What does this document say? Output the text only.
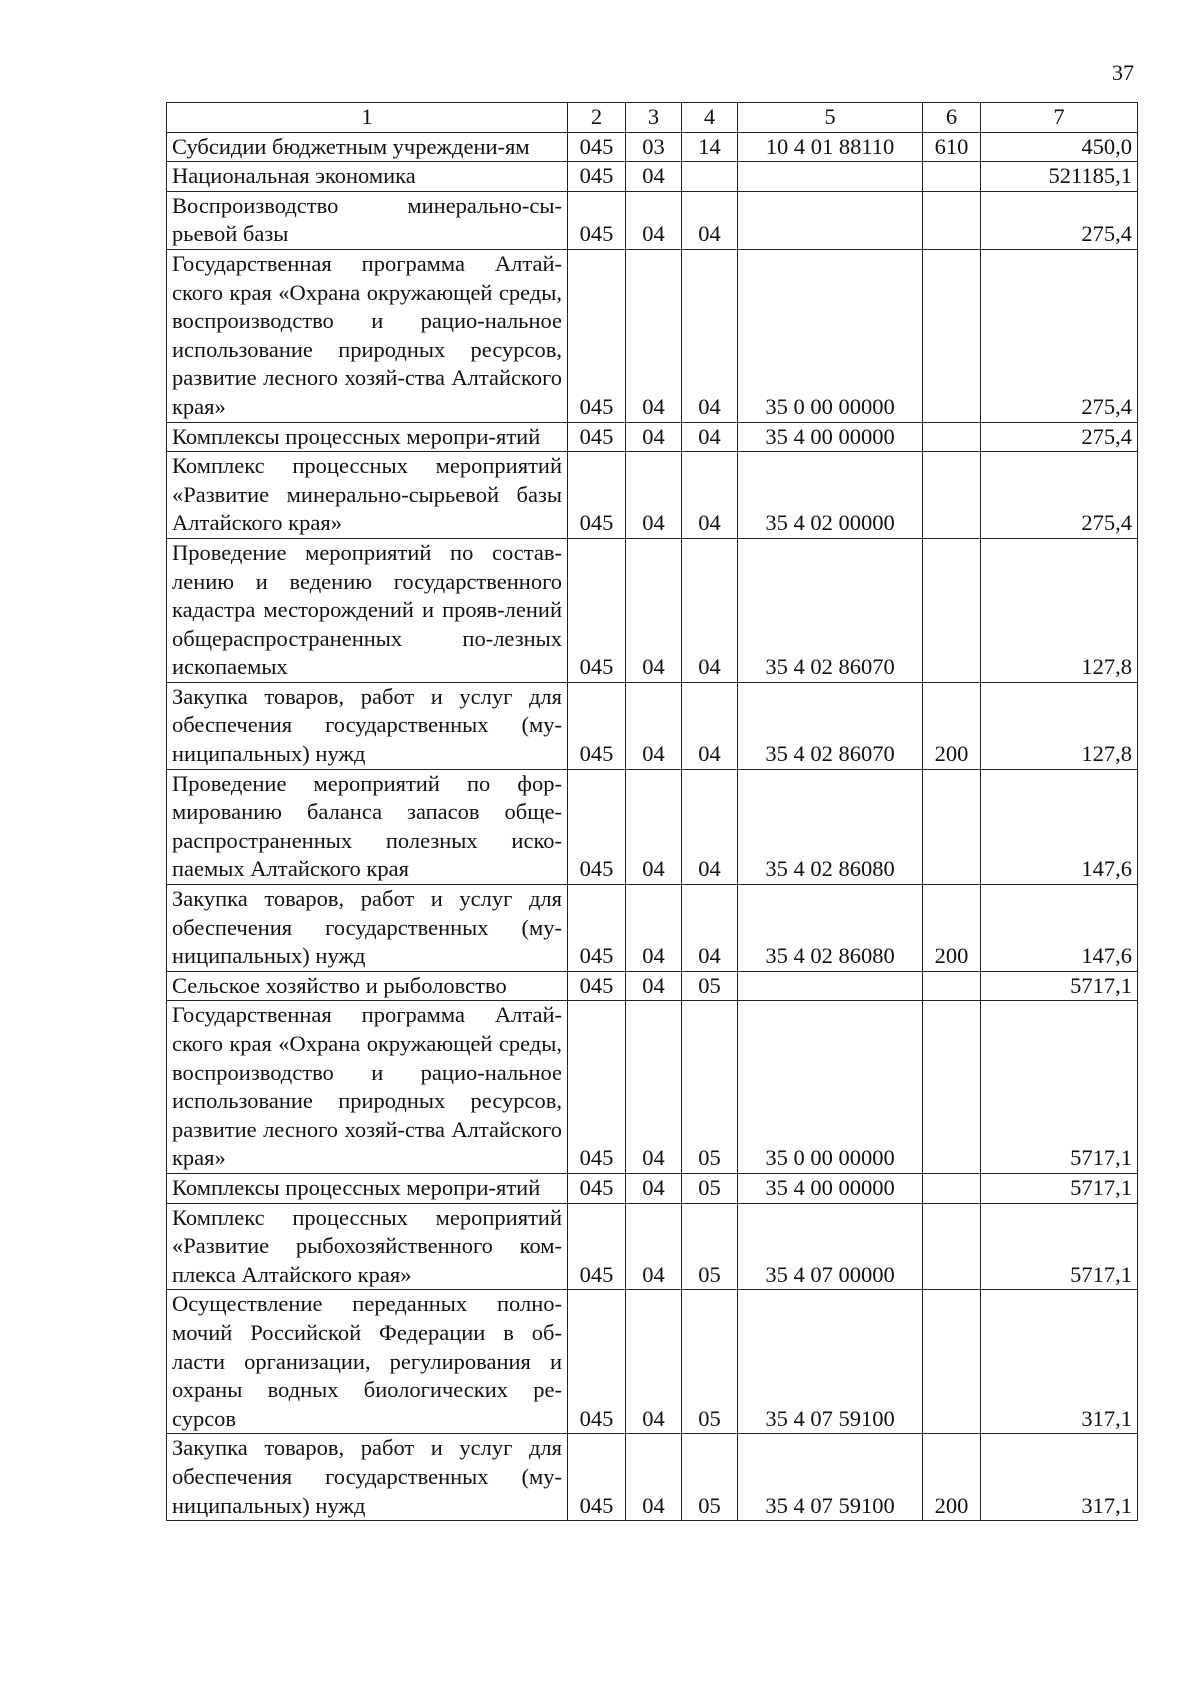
37
1	2	3	4	5	6	7
Субсидии бюджетным учреждени-ям	045	03	14	10 4 01 88110	610	450,0
Национальная экономика	045	04				521185,1
Воспроизводство минерально-сы-рьевой базы	045	04	04			275,4
Государственная программа Алтай-ского края «Охрана окружающей среды, воспроизводство и рацио-нальное использование природных ресурсов, развитие лесного хозяй-ства Алтайского края»	045	04	04	35 0 00 00000		275,4
Комплексы процессных меропри-ятий	045	04	04	35 4 00 00000		275,4
Комплекс процессных мероприятий «Развитие минерально-сырьевой базы Алтайского края»	045	04	04	35 4 02 00000		275,4
Проведение мероприятий по состав-лению и ведению государственного кадастра месторождений и прояв-лений общераспространенных по-лезных ископаемых	045	04	04	35 4 02 86070		127,8
Закупка товаров, работ и услуг для обеспечения государственных (му-ниципальных) нужд	045	04	04	35 4 02 86070	200	127,8
Проведение мероприятий по фор-мированию баланса запасов обще-распространенных полезных иско-паемых Алтайского края	045	04	04	35 4 02 86080		147,6
Закупка товаров, работ и услуг для обеспечения государственных (му-ниципальных) нужд	045	04	04	35 4 02 86080	200	147,6
Сельское хозяйство и рыболовство	045	04	05			5717,1
Государственная программа Алтай-ского края «Охрана окружающей среды, воспроизводство и рацио-нальное использование природных ресурсов, развитие лесного хозяй-ства Алтайского края»	045	04	05	35 0 00 00000		5717,1
Комплексы процессных меропри-ятий	045	04	05	35 4 00 00000		5717,1
Комплекс процессных мероприятий «Развитие рыбохозяйственного ком-плекса Алтайского края»	045	04	05	35 4 07 00000		5717,1
Осуществление переданных полно-мочий Российской Федерации в об-ласти организации, регулирования и охраны водных биологических ре-сурсов	045	04	05	35 4 07 59100		317,1
Закупка товаров, работ и услуг для обеспечения государственных (му-ниципальных) нужд	045	04	05	35 4 07 59100	200	317,1
